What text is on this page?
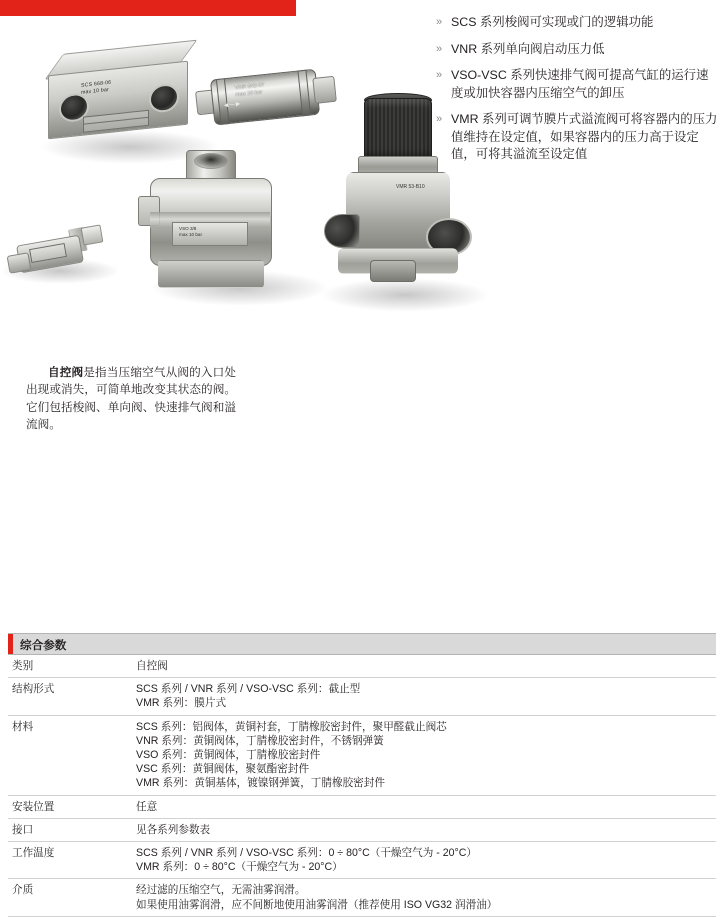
» SCS 系列梭阀可实现或门的逻辑功能
» VNR 系列单向阀启动压力低
» VSO-VSC 系列快速排气阀可提高气缸的运行速度或加快容器内压缩空气的卸压
» VMR 系列可调节膜片式溢流阀可将容器内的压力值维持在设定值，如果容器内的压力高于设定值，可将其溢流至设定值
SCS 668-06
max 10 bar
VNR 843-07
max 10 bar
◄─►
VSO 3/8
max 10 bar
VMR 53-B10

自控阀是指当压缩空气从阀的入口处出现或消失，可简单地改变其状态的阀。它们包括梭阀、单向阀、快速排气阀和溢流阀。

综合参数
类别	自控阀

结构形式	SCS 系列 / VNR 系列 / VSO-VSC 系列：截止型
VMR 系列：膜片式

材料	SCS 系列：铝阀体，黄铜衬套，丁腈橡胶密封件，聚甲醛截止阀芯
VNR 系列：黄铜阀体，丁腈橡胶密封件，不锈钢弹簧
VSO 系列：黄铜阀体，丁腈橡胶密封件
VSC 系列：黄铜阀体，聚氨酯密封件
VMR 系列：黄铜基体，镀镍钢弹簧，丁腈橡胶密封件

安装位置	任意

接口	见各系列参数表

工作温度	SCS 系列 / VNR 系列 / VSO-VSC 系列：0 ÷ 80°C（干燥空气为 - 20°C）
VMR 系列：0 ÷ 80°C（干燥空气为 - 20°C）

介质	经过滤的压缩空气，无需油雾润滑。
如果使用油雾润滑，应不间断地使用油雾润滑（推荐使用 ISO VG32 润滑油）
